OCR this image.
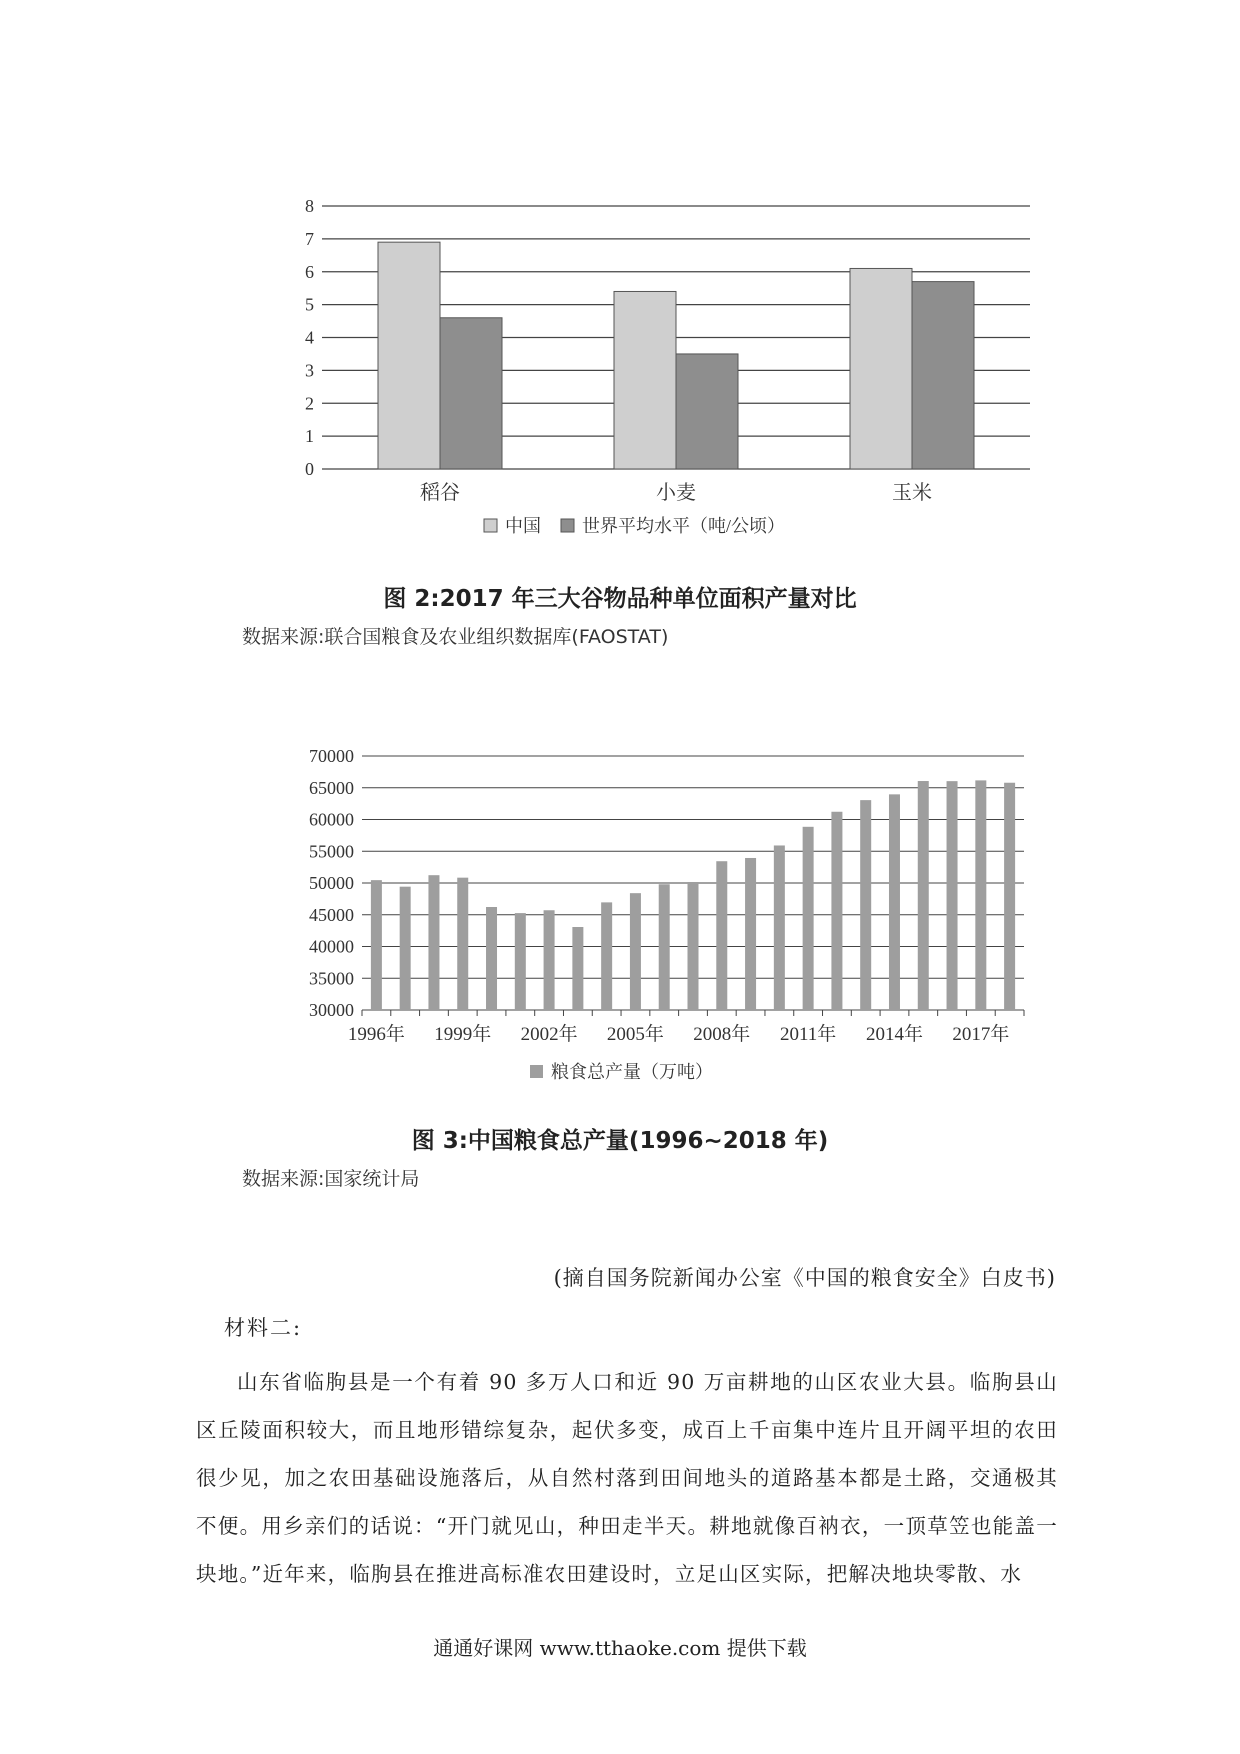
0
1
2
3
4
5
6
7
8
稻谷	小麦	玉米
中国 世界平均水平（吨/公顷）
图 2:2017 年三大谷物品种单位面积产量对比
数据来源:联合国粮食及农业组织数据库(FAOSTAT)
30000
35000
40000
45000
50000
55000
60000
65000
70000
1996年 1999年 2002年 2005年 2008年 2011年 2014年 2017年
粮食总产量（万吨）
图 3:中国粮食总产量(1996~2018 年)
数据来源:国家统计局
(摘自国务院新闻办公室《中国的粮食安全》白皮书)
材料二:

山东省临朐县是一个有着 90 多万人口和近 90 万亩耕地的山区农业大县。临朐县山区丘陵面积较大，而且地形错综复杂，起伏多变，成百上千亩集中连片且开阔平坦的农田很少见，加之农田基础设施落后，从自然村落到田间地头的道路基本都是土路，交通极其不便。用乡亲们的话说：“开门就见山，种田走半天。耕地就像百衲衣，一顶草笠也能盖一块地。”近年来，临朐县在推进高标准农田建设时，立足山区实际，把解决地块零散、水

通通好课网 www.tthaoke.com 提供下载
